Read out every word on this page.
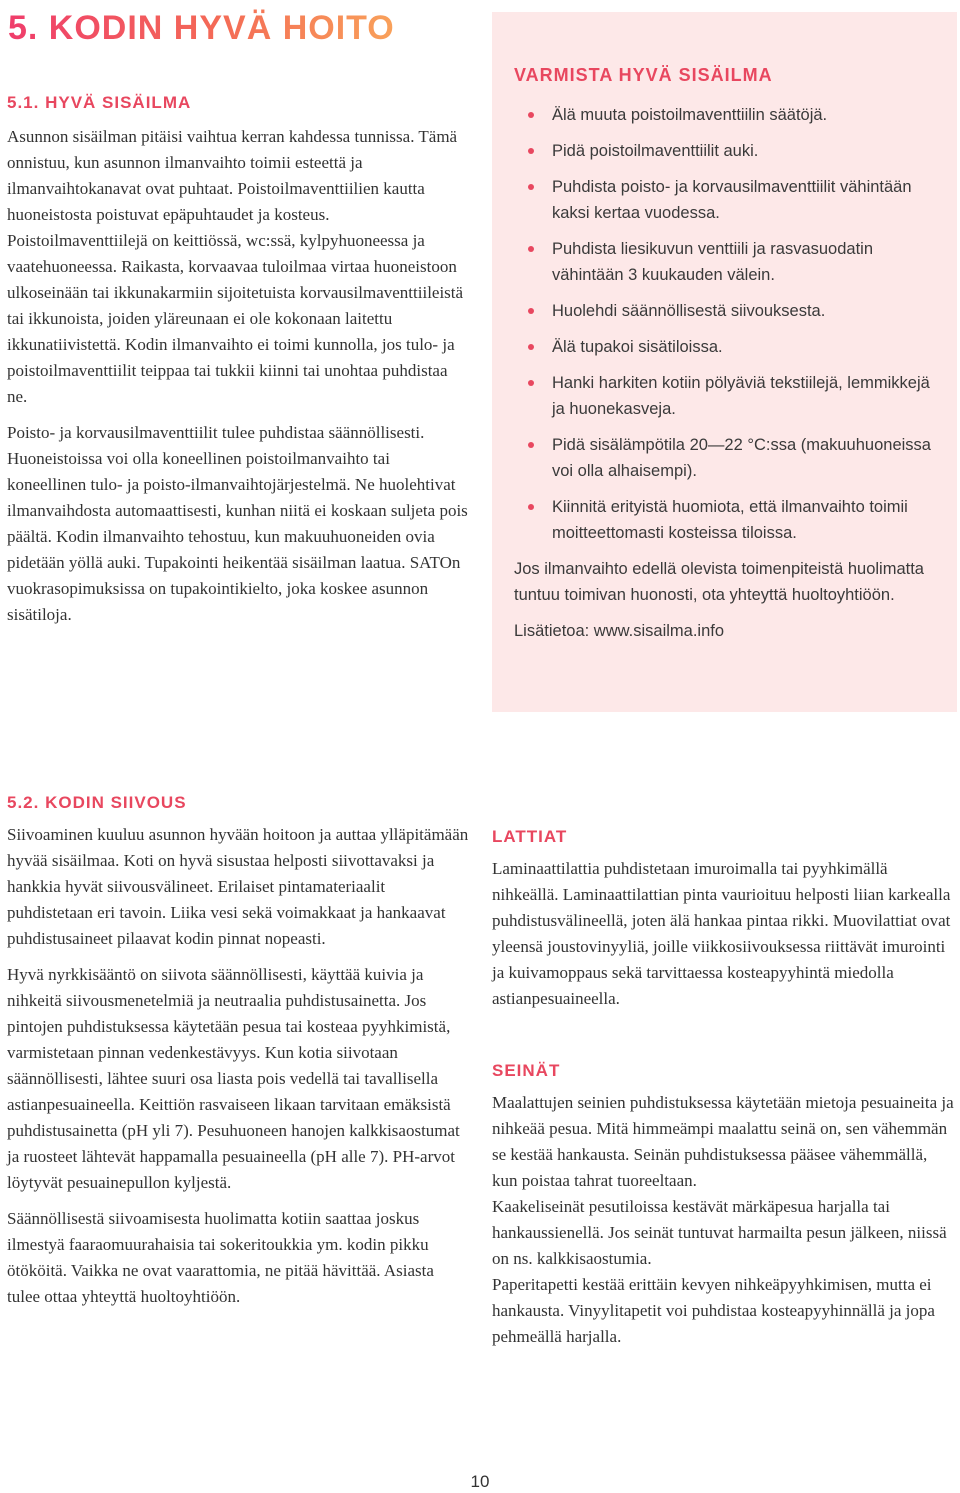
5. KODIN HYVÄ HOITO
5.1. HYVÄ SISÄILMA

Asunnon sisäilman pitäisi vaihtua kerran kahdessa tunnissa. Tämä onnistuu, kun asunnon ilmanvaihto toimii esteettä ja ilmanvaihtokanavat ovat puhtaat. Poistoilmaventtiilien kautta huoneistosta poistuvat epäpuhtaudet ja kosteus. Poistoilmaventtiilejä on keittiössä, wc:ssä, kylpyhuoneessa ja vaatehuoneessa. Raikasta, korvaavaa tuloilmaa virtaa huoneistoon ulkoseinään tai ikkunakarmiin sijoitetuista korvausilmaventtiileistä tai ikkunoista, joiden yläreunaan ei ole kokonaan laitettu ikkunatiivistettä. Kodin ilmanvaihto ei toimi kunnolla, jos tulo- ja poistoilmaventtiilit teippaa tai tukkii kiinni tai unohtaa puhdistaa ne.

Poisto- ja korvausilmaventtiilit tulee puhdistaa säännöllisesti. Huoneistoissa voi olla koneellinen poistoilmanvaihto tai koneellinen tulo- ja poisto-ilmanvaihtojärjestelmä. Ne huolehtivat ilmanvaihdosta automaattisesti, kunhan niitä ei koskaan suljeta pois päältä. Kodin ilmanvaihto tehostuu, kun makuuhuoneiden ovia pidetään yöllä auki. Tupakointi heikentää sisäilman laatua. SATOn vuokrasopimuksissa on tupakointikielto, joka koskee asunnon sisätiloja.

VARMISTA HYVÄ SISÄILMA
Älä muuta poistoilmaventtiilin säätöjä.
Pidä poistoilmaventtiilit auki.
Puhdista poisto- ja korvausilmaventtiilit vähintään kaksi kertaa vuodessa.
Puhdista liesikuvun venttiili ja rasvasuodatin vähintään 3 kuukauden välein.
Huolehdi säännöllisestä siivouksesta.
Älä tupakoi sisätiloissa.
Hanki harkiten kotiin pölyäviä tekstiilejä, lemmikkejä ja huonekasveja.
Pidä sisälämpötila 20—22 °C:ssa (makuuhuoneissa voi olla alhaisempi).
Kiinnitä erityistä huomiota, että ilmanvaihto toimii moitteettomasti kosteissa tiloissa.

Jos ilmanvaihto edellä olevista toimenpiteistä huolimatta tuntuu toimivan huonosti, ota yhteyttä huoltoyhtiöön.

Lisätietoa: www.sisailma.info

5.2. KODIN SIIVOUS

Siivoaminen kuuluu asunnon hyvään hoitoon ja auttaa ylläpitämään hyvää sisäilmaa. Koti on hyvä sisustaa helposti siivottavaksi ja hankkia hyvät siivousvälineet. Erilaiset pintamateriaalit puhdistetaan eri tavoin. Liika vesi sekä voimakkaat ja hankaavat puhdistusaineet pilaavat kodin pinnat nopeasti.

Hyvä nyrkkisääntö on siivota säännöllisesti, käyttää kuivia ja nihkeitä siivousmenetelmiä ja neutraalia puhdistusainetta. Jos pintojen puhdistuksessa käytetään pesua tai kosteaa pyyhkimistä, varmistetaan pinnan vedenkestävyys. Kun kotia siivotaan säännöllisesti, lähtee suuri osa liasta pois vedellä tai tavallisella astianpesuaineella. Keittiön rasvaiseen likaan tarvitaan emäksistä puhdistusainetta (pH yli 7). Pesuhuoneen hanojen kalkkisaostumat ja ruosteet lähtevät happamalla pesuaineella (pH alle 7). PH-arvot löytyvät pesuainepullon kyljestä.

Säännöllisestä siivoamisesta huolimatta kotiin saattaa joskus ilmestyä faaraomuurahaisia tai sokeritoukkia ym. kodin pikku ötököitä. Vaikka ne ovat vaarattomia, ne pitää hävittää. Asiasta tulee ottaa yhteyttä huoltoyhtiöön.

LATTIAT

Laminaattilattia puhdistetaan imuroimalla tai pyyhkimällä nihkeällä. Laminaattilattian pinta vaurioituu helposti liian karkealla puhdistusvälineellä, joten älä hankaa pintaa rikki. Muovilattiat ovat yleensä joustovinyyliä, joille viikkosiivouksessa riittävät imurointi ja kuivamoppaus sekä tarvittaessa kosteapyyhintä miedolla astianpesuaineella.

SEINÄT

Maalattujen seinien puhdistuksessa käytetään mietoja pesuaineita ja nihkeää pesua. Mitä himmeämpi maalattu seinä on, sen vähemmän se kestää hankausta. Seinän puhdistuksessa pääsee vähemmällä, kun poistaa tahrat tuoreeltaan.

Kaakeliseinät pesutiloissa kestävät märkäpesua harjalla tai hankaussienellä. Jos seinät tuntuvat harmailta pesun jälkeen, niissä on ns. kalkkisaostumia.

Paperitapetti kestää erittäin kevyen nihkeäpyyhkimisen, mutta ei hankausta. Vinyylitapetit voi puhdistaa kosteapyyhinnällä ja jopa pehmeällä harjalla.

10
